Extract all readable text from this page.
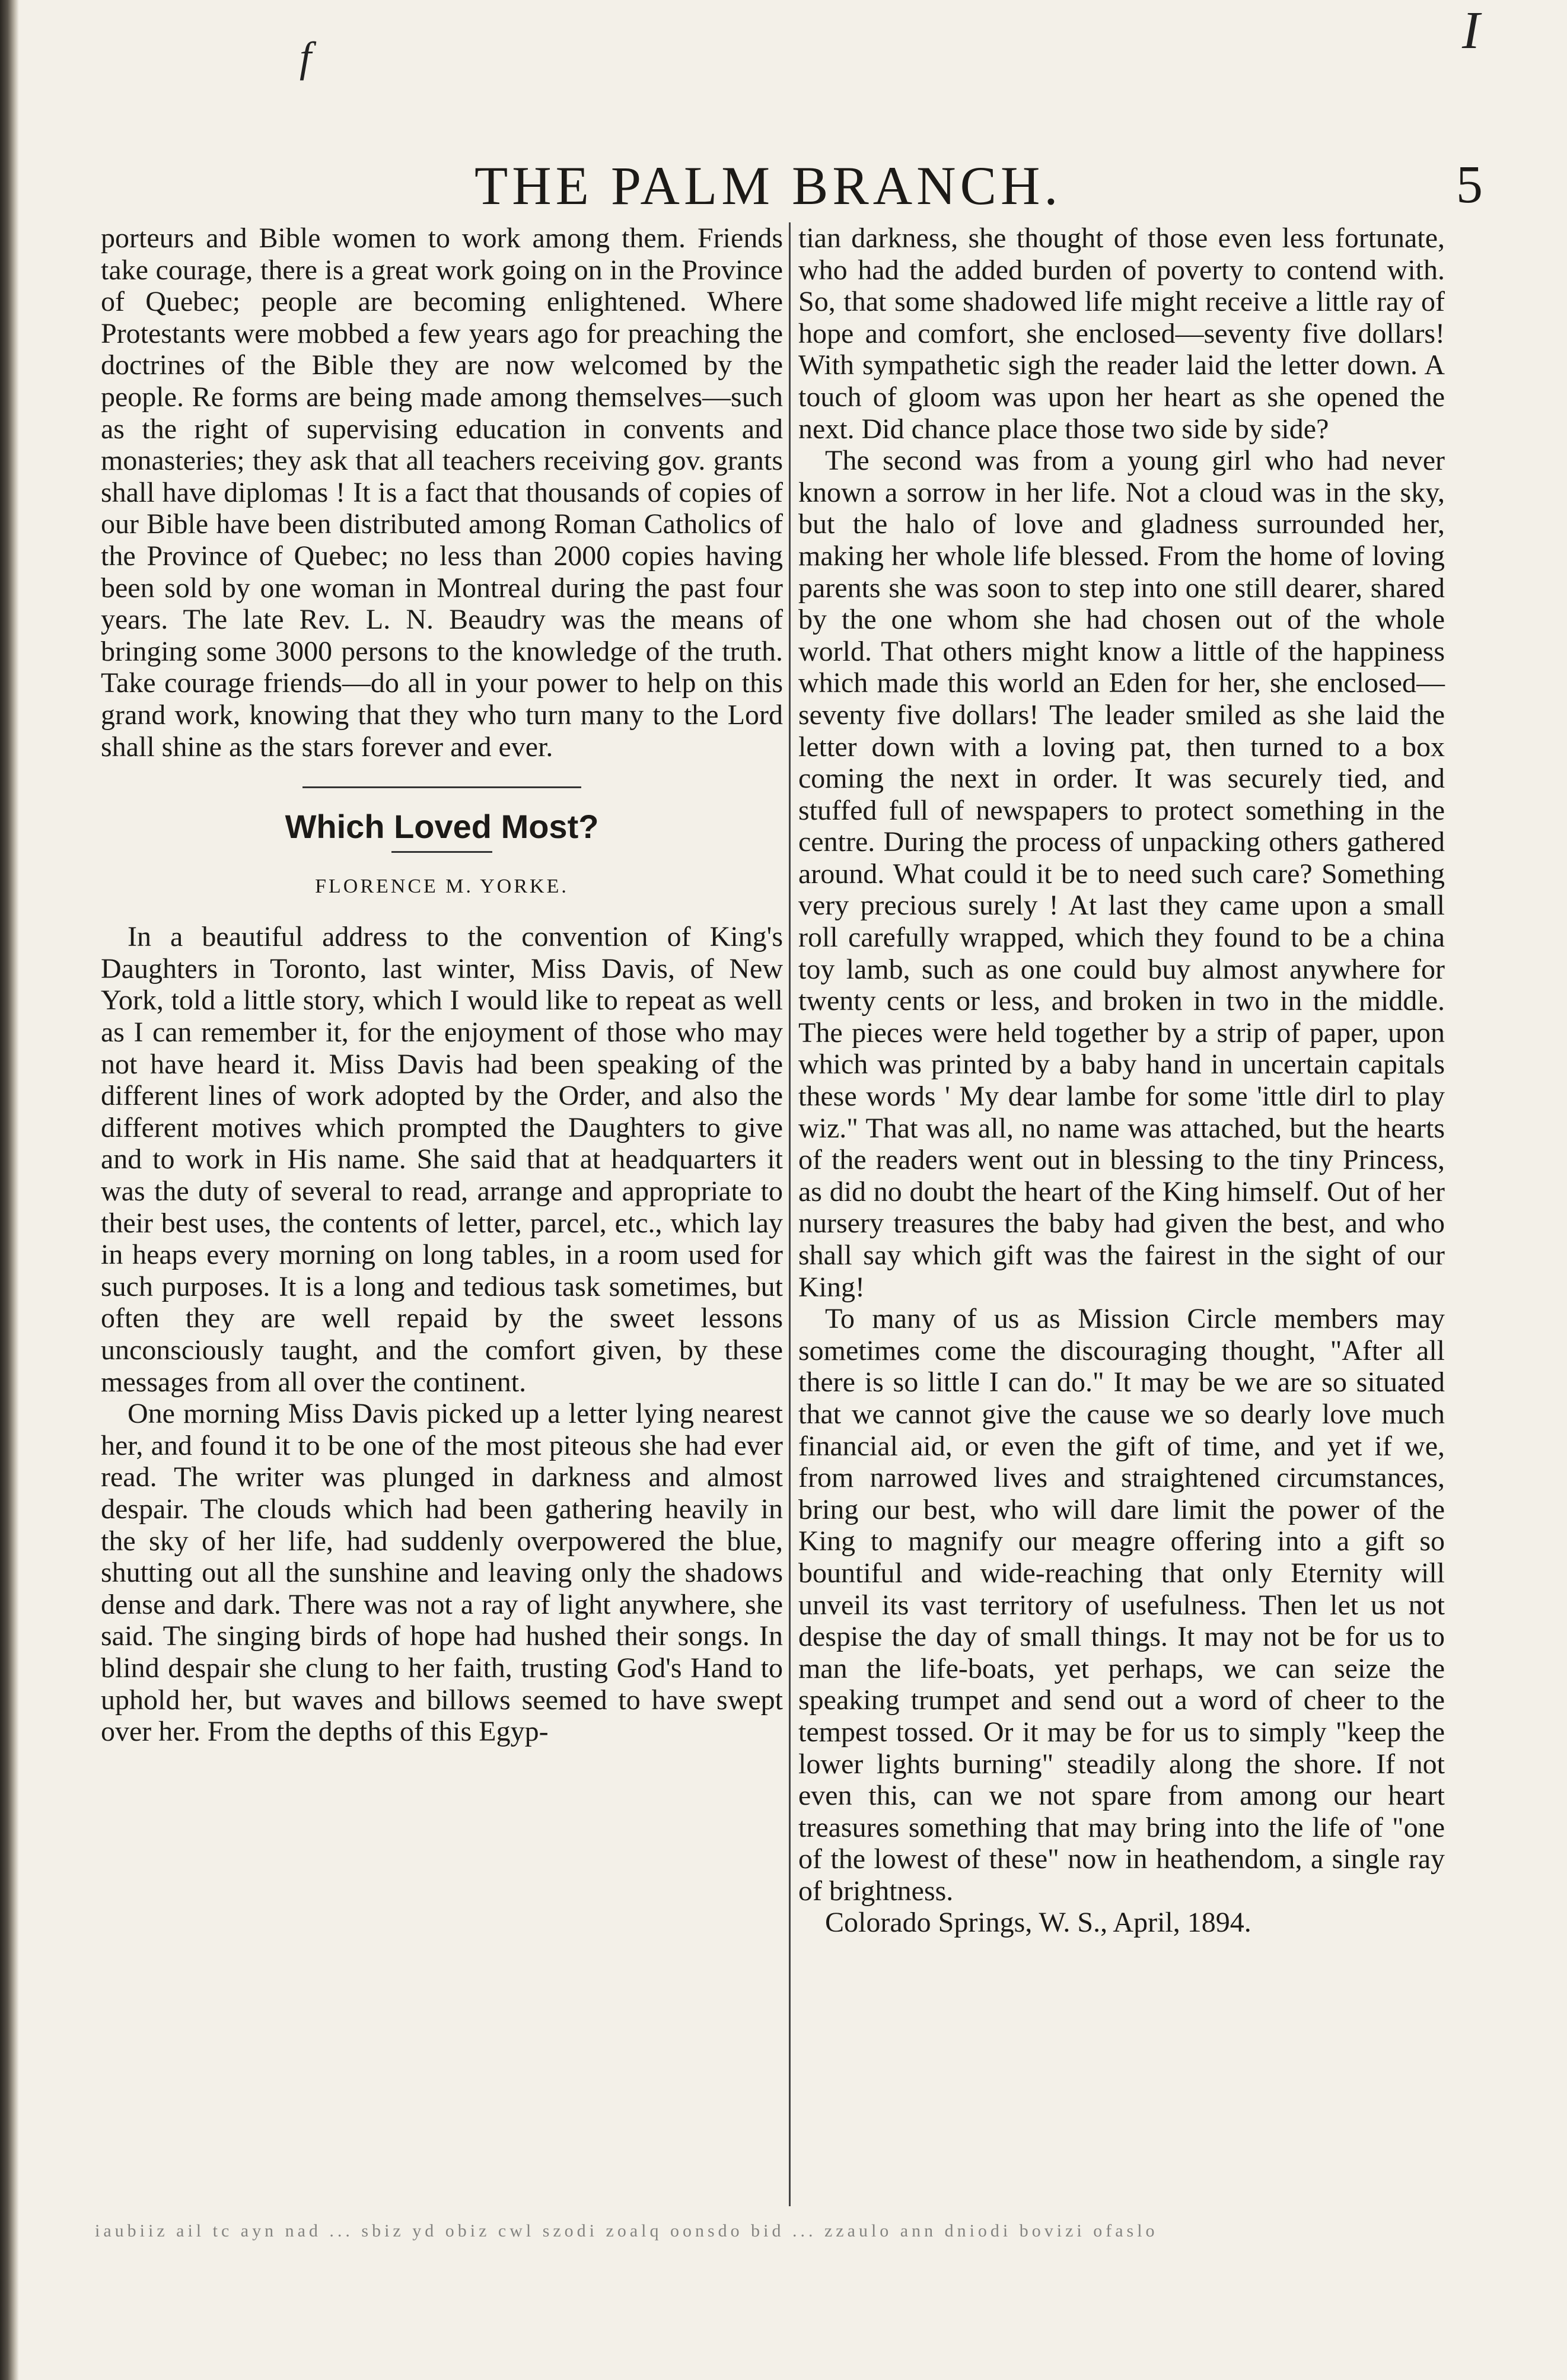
f	I
THE PALM BRANCH.	5

porteurs and Bible women to work among them. Friends take courage, there is a great work going on in the Province of Quebec; people are becoming enlightened. Where Protestants were mobbed a few years ago for preaching the doctrines of the Bible they are now welcomed by the people. Re forms are being made among themselves—such as the right of supervising education in convents and monasteries; they ask that all teachers receiving gov. grants shall have diplomas ! It is a fact that thousands of copies of our Bible have been distributed among Roman Catholics of the Province of Quebec; no less than 2000 copies having been sold by one woman in Montreal during the past four years. The late Rev. L. N. Beaudry was the means of bringing some 3000 persons to the knowledge of the truth. Take courage friends—do all in your power to help on this grand work, knowing that they who turn many to the Lord shall shine as the stars forever and ever.

Which Loved Most?
FLORENCE M. YORKE.

In a beautiful address to the convention of King's Daughters in Toronto, last winter, Miss Davis, of New York, told a little story, which I would like to repeat as well as I can remember it, for the enjoyment of those who may not have heard it. Miss Davis had been speaking of the different lines of work adopted by the Order, and also the different motives which prompted the Daughters to give and to work in His name. She said that at headquarters it was the duty of several to read, arrange and appropriate to their best uses, the contents of letter, parcel, etc., which lay in heaps every morning on long tables, in a room used for such purposes. It is a long and tedious task sometimes, but often they are well repaid by the sweet lessons unconsciously taught, and the comfort given, by these messages from all over the continent.

One morning Miss Davis picked up a letter lying nearest her, and found it to be one of the most piteous she had ever read. The writer was plunged in darkness and almost despair. The clouds which had been gathering heavily in the sky of her life, had suddenly overpowered the blue, shutting out all the sunshine and leaving only the shadows dense and dark. There was not a ray of light anywhere, she said. The singing birds of hope had hushed their songs. In blind despair she clung to her faith, trusting God's Hand to uphold her, but waves and billows seemed to have swept over her. From the depths of this Egyp-

tian darkness, she thought of those even less fortunate, who had the added burden of poverty to contend with. So, that some shadowed life might receive a little ray of hope and comfort, she enclosed—seventy five dollars! With sympathetic sigh the reader laid the letter down. A touch of gloom was upon her heart as she opened the next. Did chance place those two side by side?

The second was from a young girl who had never known a sorrow in her life. Not a cloud was in the sky, but the halo of love and gladness surrounded her, making her whole life blessed. From the home of loving parents she was soon to step into one still dearer, shared by the one whom she had chosen out of the whole world. That others might know a little of the happiness which made this world an Eden for her, she enclosed—seventy five dollars! The leader smiled as she laid the letter down with a loving pat, then turned to a box coming the next in order. It was securely tied, and stuffed full of newspapers to protect something in the centre. During the process of unpacking others gathered around. What could it be to need such care? Something very precious surely ! At last they came upon a small roll carefully wrapped, which they found to be a china toy lamb, such as one could buy almost anywhere for twenty cents or less, and broken in two in the middle. The pieces were held together by a strip of paper, upon which was printed by a baby hand in uncertain capitals these words ' My dear lambe for some 'ittle dirl to play wiz." That was all, no name was attached, but the hearts of the readers went out in blessing to the tiny Princess, as did no doubt the heart of the King himself. Out of her nursery treasures the baby had given the best, and who shall say which gift was the fairest in the sight of our King!

To many of us as Mission Circle members may sometimes come the discouraging thought, "After all there is so little I can do." It may be we are so situated that we cannot give the cause we so dearly love much financial aid, or even the gift of time, and yet if we, from narrowed lives and straightened circumstances, bring our best, who will dare limit the power of the King to magnify our meagre offering into a gift so bountiful and wide-reaching that only Eternity will unveil its vast territory of usefulness. Then let us not despise the day of small things. It may not be for us to man the life-boats, yet perhaps, we can seize the speaking trumpet and send out a word of cheer to the tempest tossed. Or it may be for us to simply "keep the lower lights burning" steadily along the shore. If not even this, can we not spare from among our heart treasures something that may bring into the life of "one of the lowest of these" now in heathendom, a single ray of brightness.

Colorado Springs, W. S., April, 1894.

iaubiiz ail tc ayn nad ... sbiz yd obiz cwl szodi zoalq oonsdo bid ... zzaulo ann dniodi bovizi ofaslo
